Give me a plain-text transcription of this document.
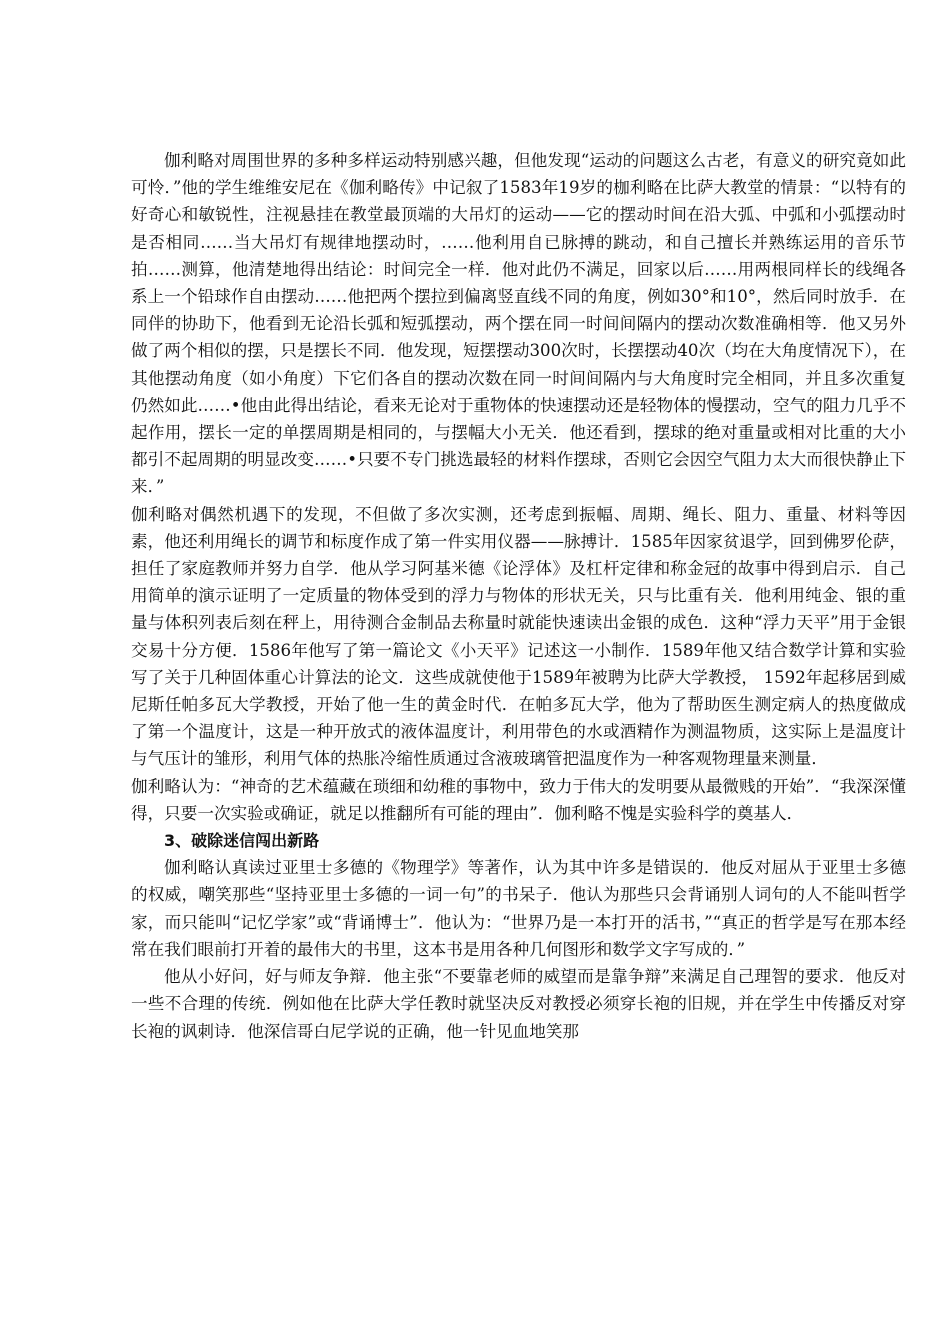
伽利略对周围世界的多种多样运动特别感兴趣，但他发现“运动的问题这么古老，有意义的研究竟如此可怜．”他的学生维维安尼在《伽利略传》中记叙了1583年19岁的枷利略在比萨大教堂的情景：“以特有的好奇心和敏锐性，注视悬挂在教堂最顶端的大吊灯的运动——它的摆动时间在沿大弧、中弧和小弧摆动时是否相同……当大吊灯有规律地摆动时，……他利用自已脉搏的跳动，和自己擅长并熟练运用的音乐节拍……测算，他清楚地得出结论：时间完全一样．他对此仍不满足，回家以后……用两根同样长的线绳各系上一个铅球作自由摆动……他把两个摆拉到偏离竖直线不同的角度，例如30°和10°，然后同时放手．在同伴的协助下，他看到无论沿长弧和短弧摆动，两个摆在同一时间间隔内的摆动次数准确相等．他又另外做了两个相似的摆，只是摆长不同．他发现，短摆摆动300次时，长摆摆动40次（均在大角度情况下），在其他摆动角度（如小角度）下它们各自的摆动次数在同一时间间隔内与大角度时完全相同，并且多次重复仍然如此……•他由此得出结论，看来无论对于重物体的快速摆动还是轻物体的慢摆动，空气的阻力几乎不起作用，摆长一定的单摆周期是相同的，与摆幅大小无关．他还看到，摆球的绝对重量或相对比重的大小都引不起周期的明显改变……•只要不专门挑选最轻的材料作摆球，否则它会因空气阻力太大而很快静止下来．”

伽利略对偶然机遇下的发现，不但做了多次实测，还考虑到振幅、周期、绳长、阻力、重量、材料等因素，他还利用绳长的调节和标度作成了第一件实用仪器——脉搏计．1585年因家贫退学，回到佛罗伦萨，担任了家庭教师并努力自学．他从学习阿基米德《论浮体》及杠杆定律和称金冠的故事中得到启示．自己用简单的演示证明了一定质量的物体受到的浮力与物体的形状无关，只与比重有关．他利用纯金、银的重量与体积列表后刻在秤上，用待测合金制品去称量时就能快速读出金银的成色．这种“浮力天平”用于金银交易十分方便．1586年他写了第一篇论文《小天平》记述这一小制作．1589年他又结合数学计算和实验写了关于几种固体重心计算法的论文．这些成就使他于1589年被聘为比萨大学教授， 1592年起移居到威尼斯任帕多瓦大学教授，开始了他一生的黄金时代．在帕多瓦大学，他为了帮助医生测定病人的热度做成了第一个温度计，这是一种开放式的液体温度计，利用带色的水或酒精作为测温物质，这实际上是温度计与气压计的雏形，利用气体的热胀冷缩性质通过含液玻璃管把温度作为一种客观物理量来测量．

伽利略认为：“神奇的艺术蕴藏在琐细和幼稚的事物中，致力于伟大的发明要从最微贱的开始”．“我深深懂得，只要一次实验或确证，就足以推翻所有可能的理由”．伽利略不愧是实验科学的奠基人．

3、破除迷信闯出新路

伽利略认真读过亚里士多德的《物理学》等著作，认为其中许多是错误的．他反对屈从于亚里士多德的权威，嘲笑那些“坚持亚里士多德的一词一句”的书呆子．他认为那些只会背诵别人词句的人不能叫哲学家，而只能叫“记忆学家”或“背诵博士”．他认为：“世界乃是一本打开的活书，”“真正的哲学是写在那本经常在我们眼前打开着的最伟大的书里，这本书是用各种几何图形和数学文字写成的．”

他从小好问，好与师友争辩．他主张“不要靠老师的威望而是靠争辩”来满足自己理智的要求．他反对一些不合理的传统．例如他在比萨大学任教时就坚决反对教授必须穿长袍的旧规，并在学生中传播反对穿长袍的讽刺诗．他深信哥白尼学说的正确，他一针见血地笑那
